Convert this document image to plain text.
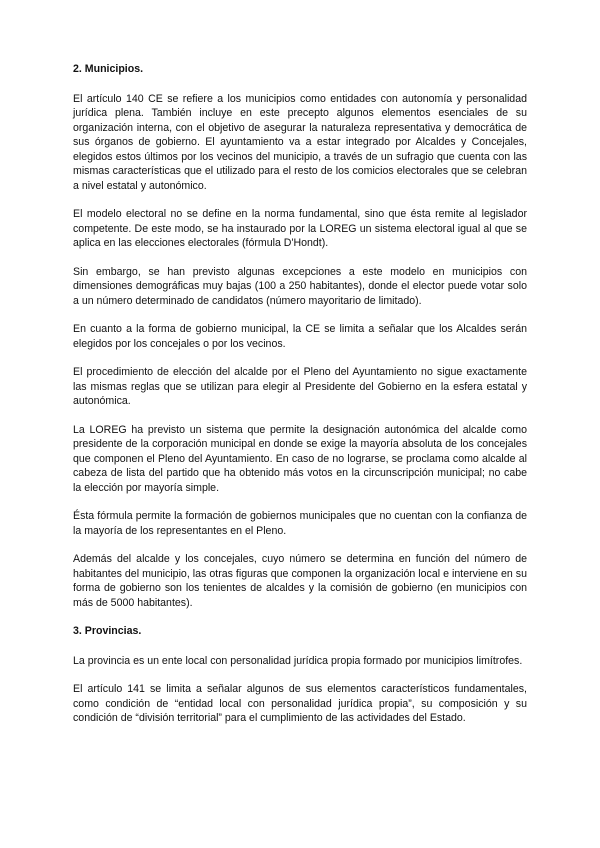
2. Municipios.

El artículo 140 CE se refiere a los municipios como entidades con autonomía y personalidad jurídica plena. También incluye en este precepto algunos elementos esenciales de su organización interna, con el objetivo de asegurar la naturaleza representativa y democrática de sus órganos de gobierno. El ayuntamiento va a estar integrado por Alcaldes y Concejales, elegidos estos últimos por los vecinos del municipio, a través de un sufragio que cuenta con las mismas características que el utilizado para el resto de los comicios electorales que se celebran a nivel estatal y autonómico.

El modelo electoral no se define en la norma fundamental, sino que ésta remite al legislador competente. De este modo, se ha instaurado por la LOREG un sistema electoral igual al que se aplica en las elecciones electorales (fórmula D'Hondt).

Sin embargo, se han previsto algunas excepciones a este modelo en municipios con dimensiones demográficas muy bajas (100 a 250 habitantes), donde el elector puede votar solo a un número determinado de candidatos (número mayoritario de limitado).

En cuanto a la forma de gobierno municipal, la CE se limita a señalar que los Alcaldes serán elegidos por los concejales o por los vecinos.

El procedimiento de elección del alcalde por el Pleno del Ayuntamiento no sigue exactamente las mismas reglas que se utilizan para elegir al Presidente del Gobierno en la esfera estatal y autonómica.

La LOREG ha previsto un sistema que permite la designación autonómica del alcalde como presidente de la corporación municipal en donde se exige la mayoría absoluta de los concejales que componen el Pleno del Ayuntamiento. En caso de no lograrse, se proclama como alcalde al cabeza de lista del partido que ha obtenido más votos en la circunscripción municipal; no cabe la elección por mayoría simple.

Ésta fórmula permite la formación de gobiernos municipales que no cuentan con la confianza de la mayoría de los representantes en el Pleno.

Además del alcalde y los concejales, cuyo número se determina en función del número de habitantes del municipio, las otras figuras que componen la organización local e interviene en su forma de gobierno son los tenientes de alcaldes y la comisión de gobierno (en municipios con más de 5000 habitantes).

3. Provincias.

La provincia es un ente local con personalidad jurídica propia formado por municipios limítrofes.

El artículo 141 se limita a señalar algunos de sus elementos característicos fundamentales, como condición de “entidad local con personalidad jurídica propia”, su composición y su condición de “división territorial” para el cumplimiento de las actividades del Estado.
